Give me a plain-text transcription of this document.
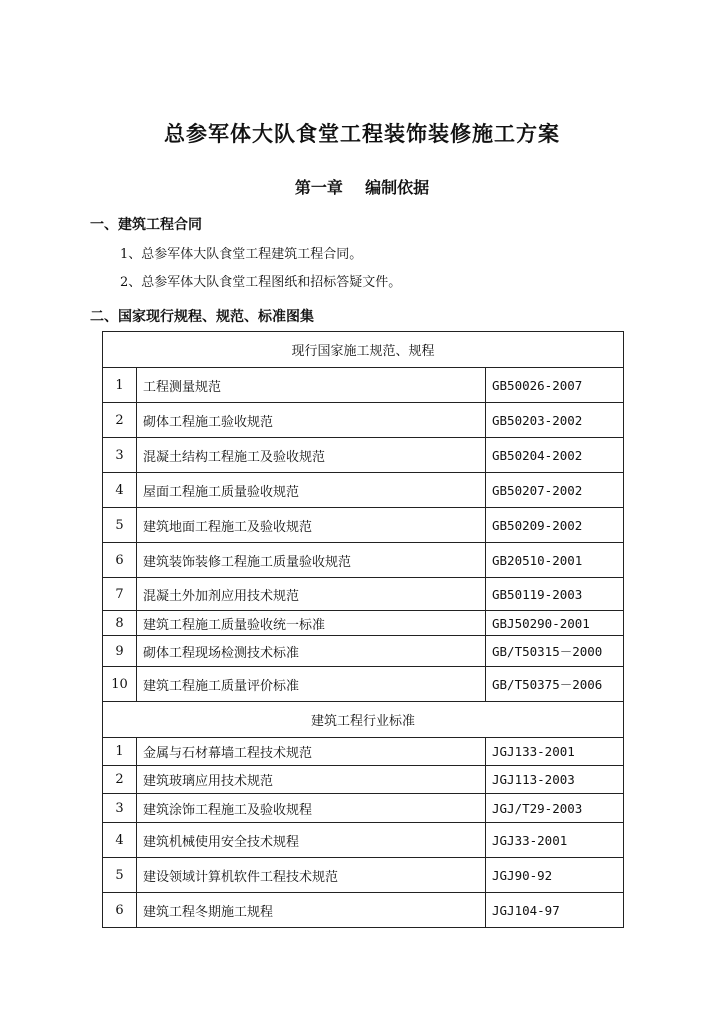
总参军体大队食堂工程装饰装修施工方案
第一章    编制依据
一、建筑工程合同
1、总参军体大队食堂工程建筑工程合同。
2、总参军体大队食堂工程图纸和招标答疑文件。
二、国家现行规程、规范、标准图集
现行国家施工规范、规程		
1	工程测量规范	GB50026-2007
2	砌体工程施工验收规范	GB50203-2002
3	混凝土结构工程施工及验收规范	GB50204-2002
4	屋面工程施工质量验收规范	GB50207-2002
5	建筑地面工程施工及验收规范	GB50209-2002
6	建筑装饰装修工程施工质量验收规范	GB20510-2001
7	混凝土外加剂应用技术规范	GB50119-2003
8	建筑工程施工质量验收统一标准	GBJ50290-2001
9	砌体工程现场检测技术标准	GB/T50315－2000
10	建筑工程施工质量评价标准	GB/T50375－2006
建筑工程行业标准		
1	金属与石材幕墙工程技术规范	JGJ133-2001
2	建筑玻璃应用技术规范	JGJ113-2003
3	建筑涂饰工程施工及验收规程	JGJ/T29-2003
4	建筑机械使用安全技术规程	JGJ33-2001
5	建设领域计算机软件工程技术规范	JGJ90-92
6	建筑工程冬期施工规程	JGJ104-97
